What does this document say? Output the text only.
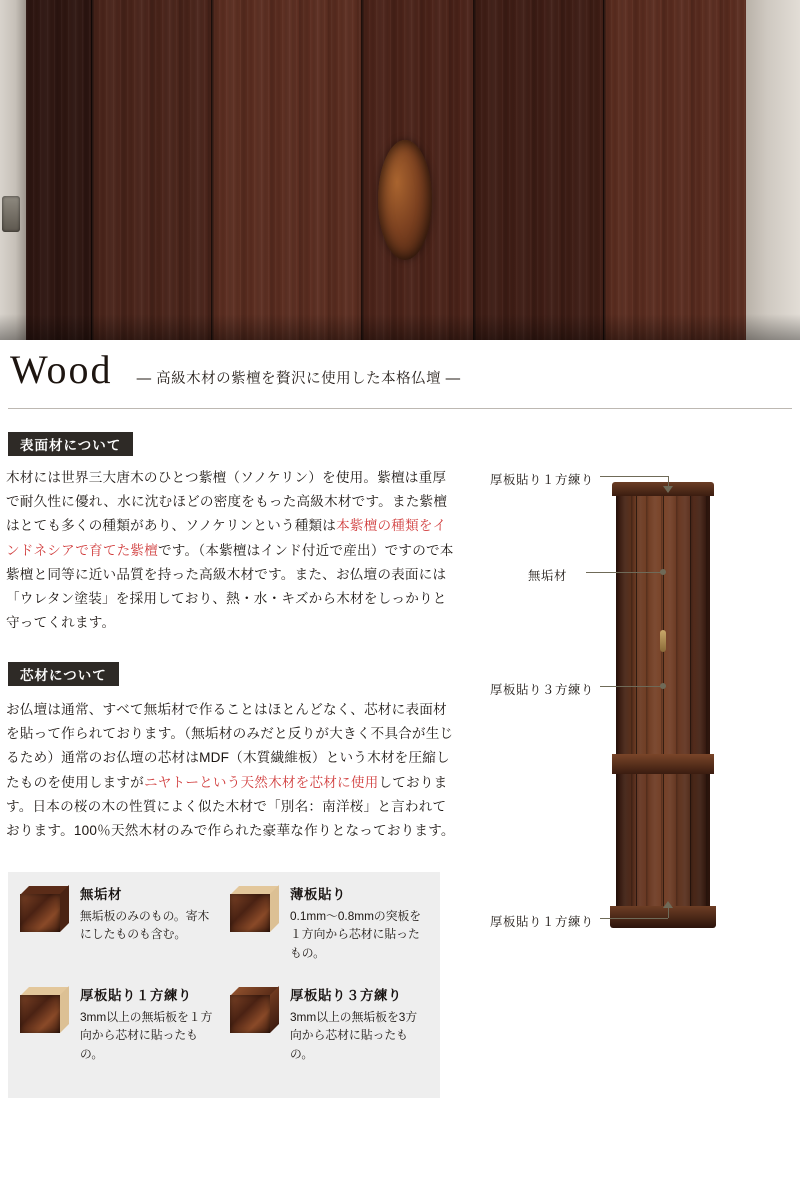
Wood — 高級木材の紫檀を贅沢に使用した本格仏壇 —
表面材について
木材には世界三大唐木のひとつ紫檀（ソノケリン）を使用。紫檀は重厚で耐久性に優れ、水に沈むほどの密度をもった高級木材です。また紫檀はとても多くの種類があり、ソノケリンという種類は本紫檀の種類をインドネシアで育てた紫檀です。（本紫檀はインド付近で産出）ですので本紫檀と同等に近い品質を持った高級木材です。また、お仏壇の表面には「ウレタン塗装」を採用しており、熱・水・キズから木材をしっかりと守ってくれます。
芯材について
お仏壇は通常、すべて無垢材で作ることはほとんどなく、芯材に表面材を貼って作られております。（無垢材のみだと反りが大きく不具合が生じるため）通常のお仏壇の芯材はMDF（木質繊維板）という木材を圧縮したものを使用しますがニヤトーという天然木材を芯材に使用しております。日本の桜の木の性質によく似た木材で「別名：南洋桜」と言われております。100％天然木材のみで作られた豪華な作りとなっております。
厚板貼り１方練り
無垢材
厚板貼り３方練り
厚板貼り１方練り
無垢材
無垢板のみのもの。寄木にしたものも含む。
薄板貼り
0.1mm〜0.8mmの突板を１方向から芯材に貼ったもの。
厚板貼り１方練り
3mm以上の無垢板を１方向から芯材に貼ったもの。
厚板貼り３方練り
3mm以上の無垢板を3方向から芯材に貼ったもの。
